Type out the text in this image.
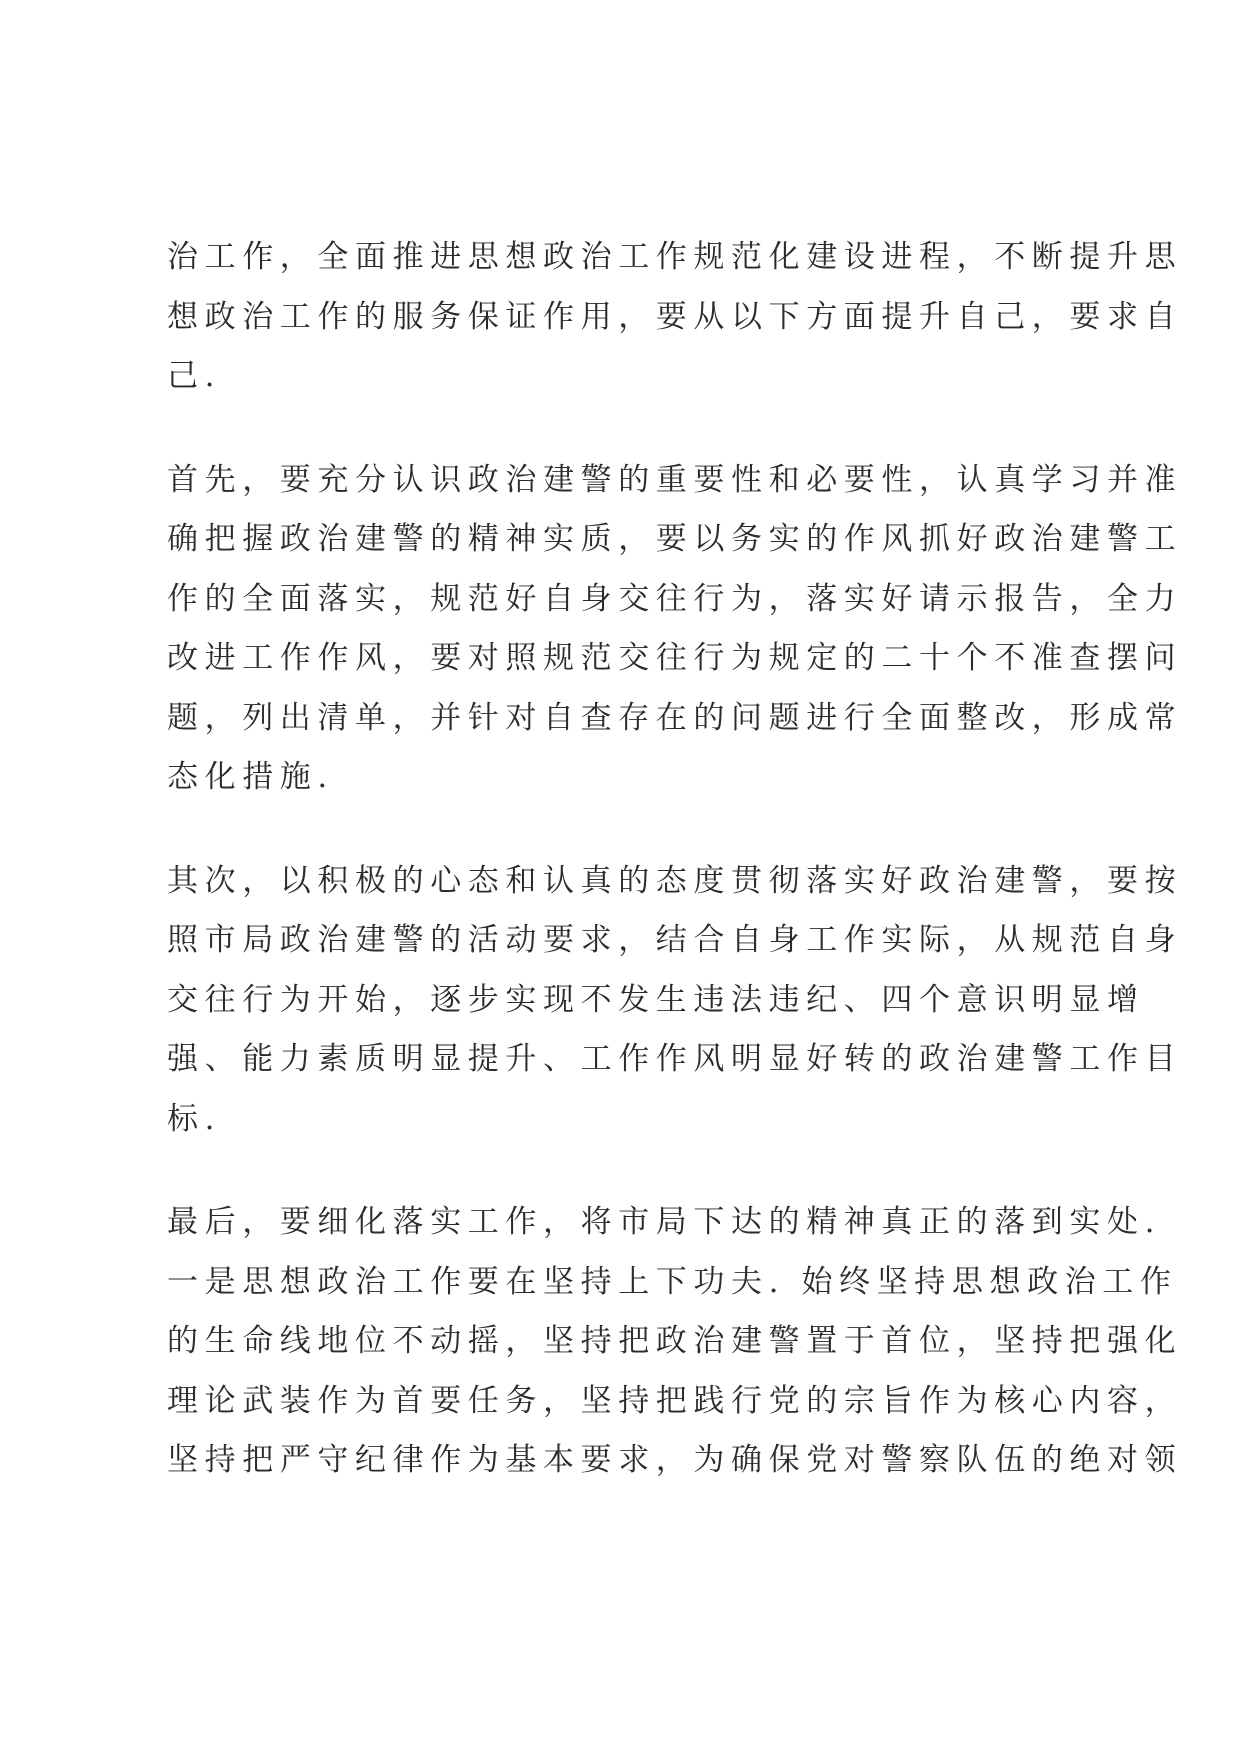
治工作，全面推进思想政治工作规范化建设进程，不断提升思
想政治工作的服务保证作用，要从以下方面提升自己，要求自
己.
首先，要充分认识政治建警的重要性和必要性，认真学习并准
确把握政治建警的精神实质，要以务实的作风抓好政治建警工
作的全面落实，规范好自身交往行为，落实好请示报告，全力
改进工作作风，要对照规范交往行为规定的二十个不准查摆问
题，列出清单，并针对自查存在的问题进行全面整改，形成常
态化措施.
其次，以积极的心态和认真的态度贯彻落实好政治建警，要按
照市局政治建警的活动要求，结合自身工作实际，从规范自身
交往行为开始，逐步实现不发生违法违纪、四个意识明显增
强、能力素质明显提升、工作作风明显好转的政治建警工作目
标.
最后，要细化落实工作，将市局下达的精神真正的落到实处.
一是思想政治工作要在坚持上下功夫. 始终坚持思想政治工作
的生命线地位不动摇，坚持把政治建警置于首位，坚持把强化
理论武装作为首要任务，坚持把践行党的宗旨作为核心内容，
坚持把严守纪律作为基本要求，为确保党对警察队伍的绝对领
